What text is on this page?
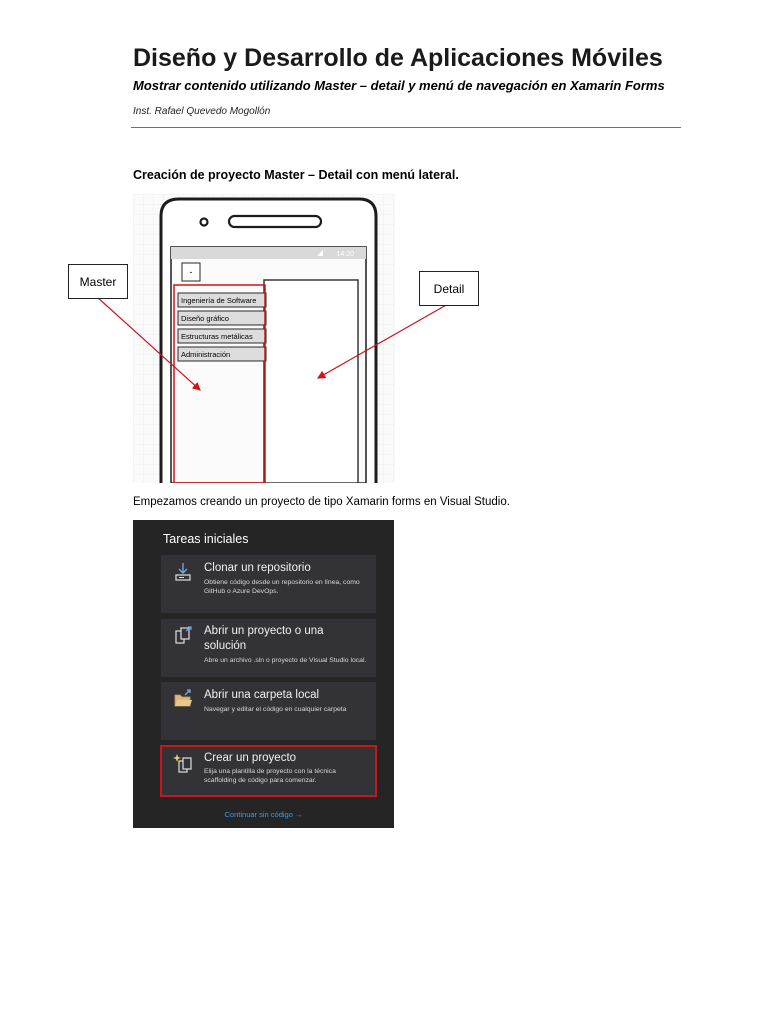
Diseño y Desarrollo de Aplicaciones Móviles
Mostrar contenido utilizando Master – detail y menú de navegación en Xamarin Forms
Inst. Rafael Quevedo Mogollón
Creación de proyecto Master – Detail con menú lateral.
14:20
-
Ingeniería de Software
Diseño gráfico
Estructuras metálicas
Administración
Master	Detail
Empezamos creando un proyecto de tipo Xamarin forms en Visual Studio.
Tareas iniciales
Clonar un repositorio
Obtiene código desde un repositorio en línea, como GitHub o Azure DevOps.
Abrir un proyecto o una solución
Abre un archivo .sln o proyecto de Visual Studio local.
Abrir una carpeta local
Navegar y editar el código en cualquier carpeta
Crear un proyecto
Elija una plantilla de proyecto con la técnica scaffolding de código para comenzar.
Continuar sin código →
